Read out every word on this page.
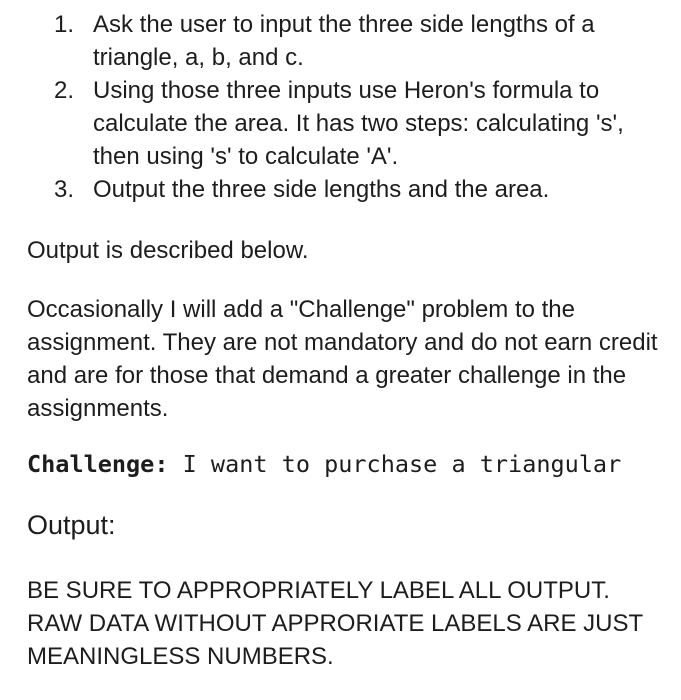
1. Ask the user to input the three side lengths of a triangle, a, b, and c.
2. Using those three inputs use Heron's formula to calculate the area. It has two steps: calculating 's', then using 's' to calculate 'A'.
3. Output the three side lengths and the area.

Output is described below.

Occasionally I will add a "Challenge" problem to the assignment. They are not mandatory and do not earn credit and are for those that demand a greater challenge in the assignments.

Challenge: I want to purchase a triangular

Output:

BE SURE TO APPROPRIATELY LABEL ALL OUTPUT. RAW DATA WITHOUT APPRORIATE LABELS ARE JUST MEANINGLESS NUMBERS.
